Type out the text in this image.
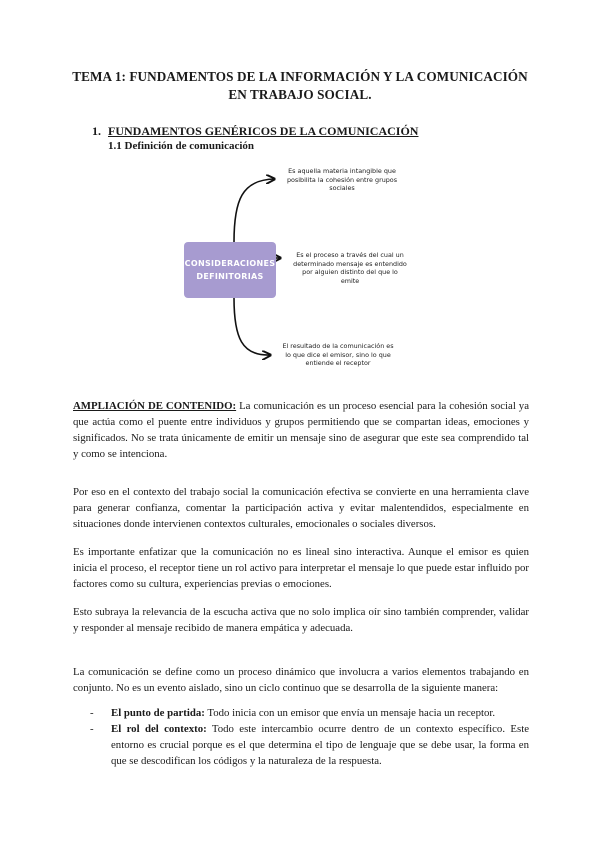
TEMA 1: FUNDAMENTOS DE LA INFORMACIÓN Y LA COMUNICACIÓN
EN TRABAJO SOCIAL.
1. FUNDAMENTOS GENÉRICOS DE LA COMUNICACIÓN
1.1 Definición de comunicación
CONSIDERACIONES
DEFINITORIAS
Es aquella materia intangible que
posibilita la cohesión entre grupos
sociales
Es el proceso a través del cual un
determinado mensaje es entendido
por alguien distinto del que lo
emite
El resultado de la comunicación es
lo que dice el emisor, sino lo que
entiende el receptor

AMPLIACIÓN DE CONTENIDO: La comunicación es un proceso esencial para la cohesión social ya que actúa como el puente entre individuos y grupos permitiendo que se compartan ideas, emociones y significados. No se trata únicamente de emitir un mensaje sino de asegurar que este sea comprendido tal y como se intenciona.

Por eso en el contexto del trabajo social la comunicación efectiva se convierte en una herramienta clave para generar confianza, comentar la participación activa y evitar malentendidos, especialmente en situaciones donde intervienen contextos culturales, emocionales o sociales diversos.

Es importante enfatizar que la comunicación no es lineal sino interactiva. Aunque el emisor es quien inicia el proceso, el receptor tiene un rol activo para interpretar el mensaje lo que puede estar influido por factores como su cultura, experiencias previas o emociones.

Esto subraya la relevancia de la escucha activa que no solo implica oír sino también comprender, validar y responder al mensaje recibido de manera empática y adecuada.

La comunicación se define como un proceso dinámico que involucra a varios elementos trabajando en conjunto. No es un evento aislado, sino un ciclo continuo que se desarrolla de la siguiente manera:

- El punto de partida: Todo inicia con un emisor que envía un mensaje hacia un receptor.

- El rol del contexto: Todo este intercambio ocurre dentro de un contexto específico. Este entorno es crucial porque es el que determina el tipo de lenguaje que se debe usar, la forma en que se descodifican los códigos y la naturaleza de la respuesta.
